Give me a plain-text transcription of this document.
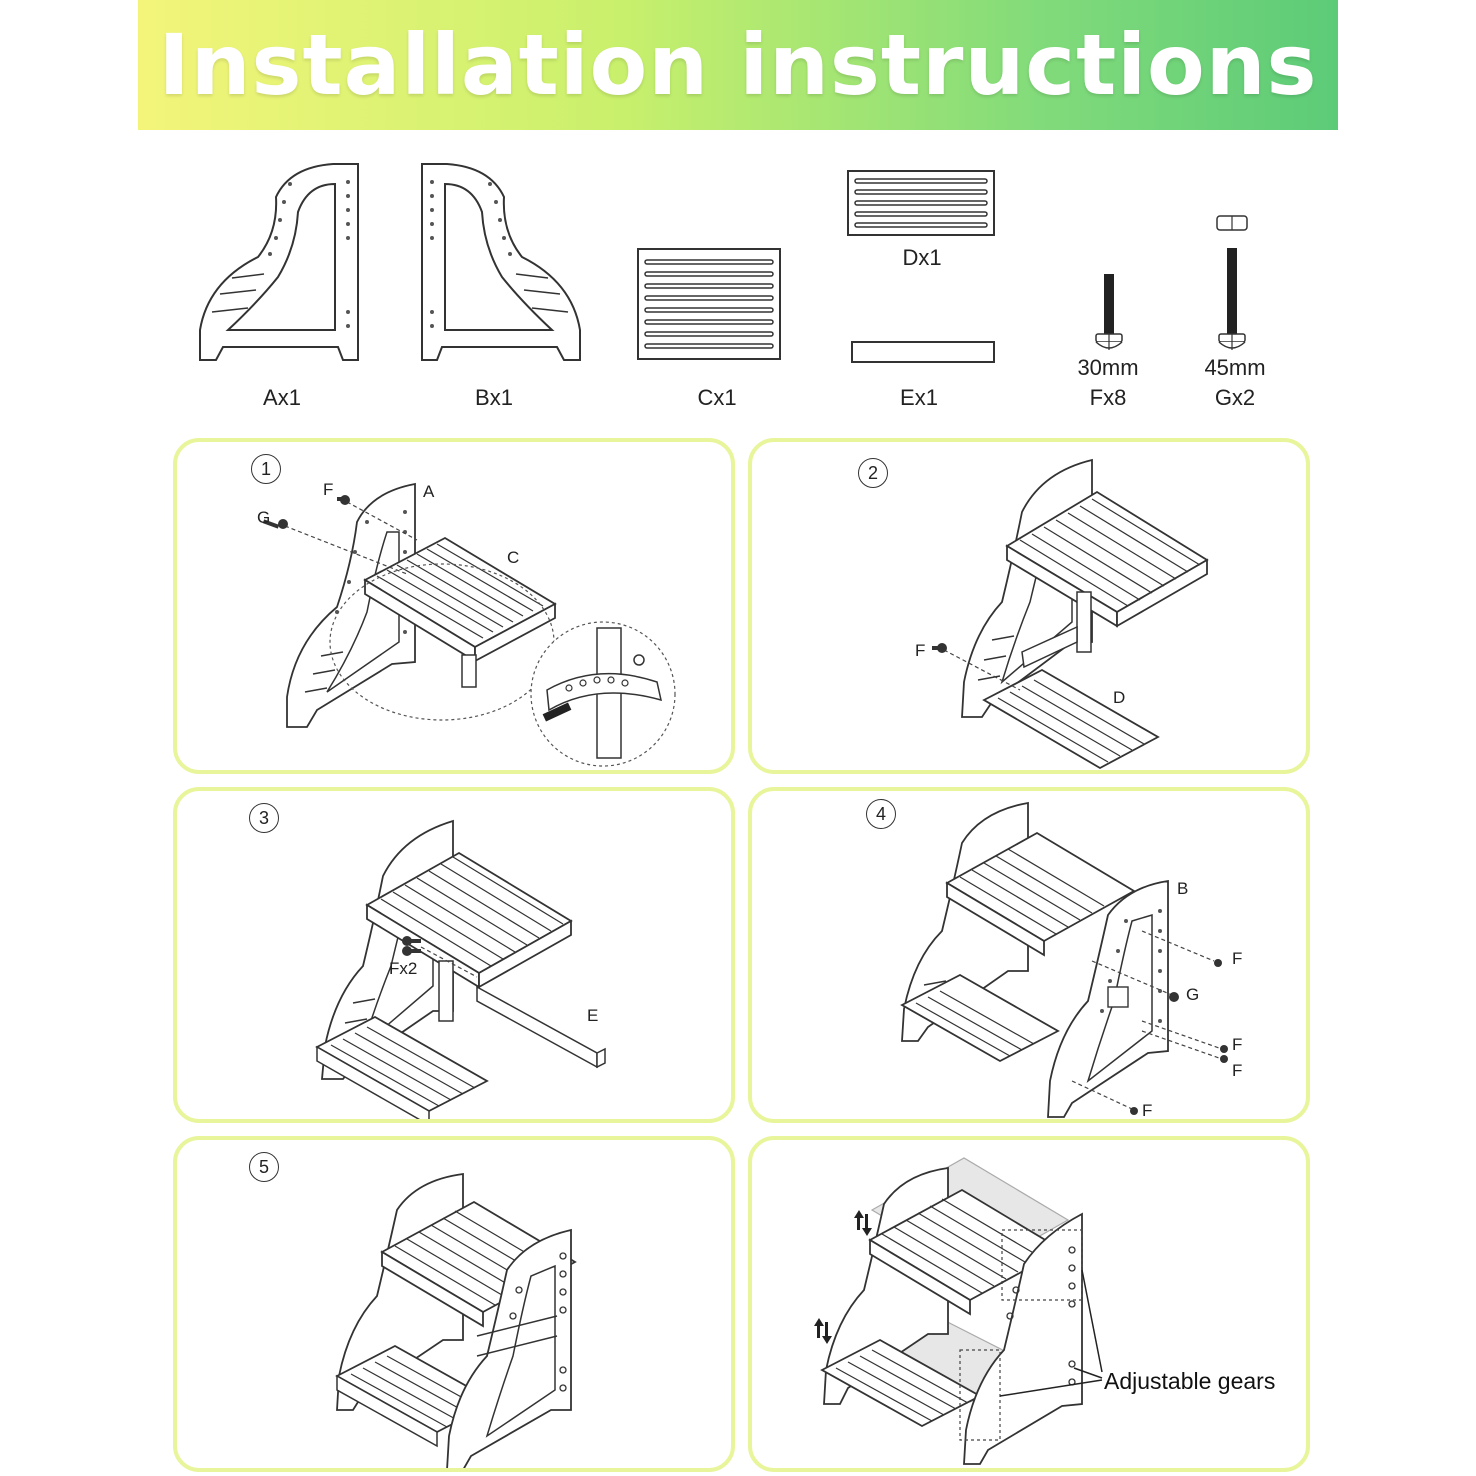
Installation instructions
Ax1	Bx1	Cx1
Dx1
Ex1
30mm
Fx8
45mm
Gx2
1
F	A
G
C
2
F
D
3
Fx2
E
4
B
F
G
F
F
F
5
Adjustable gears
